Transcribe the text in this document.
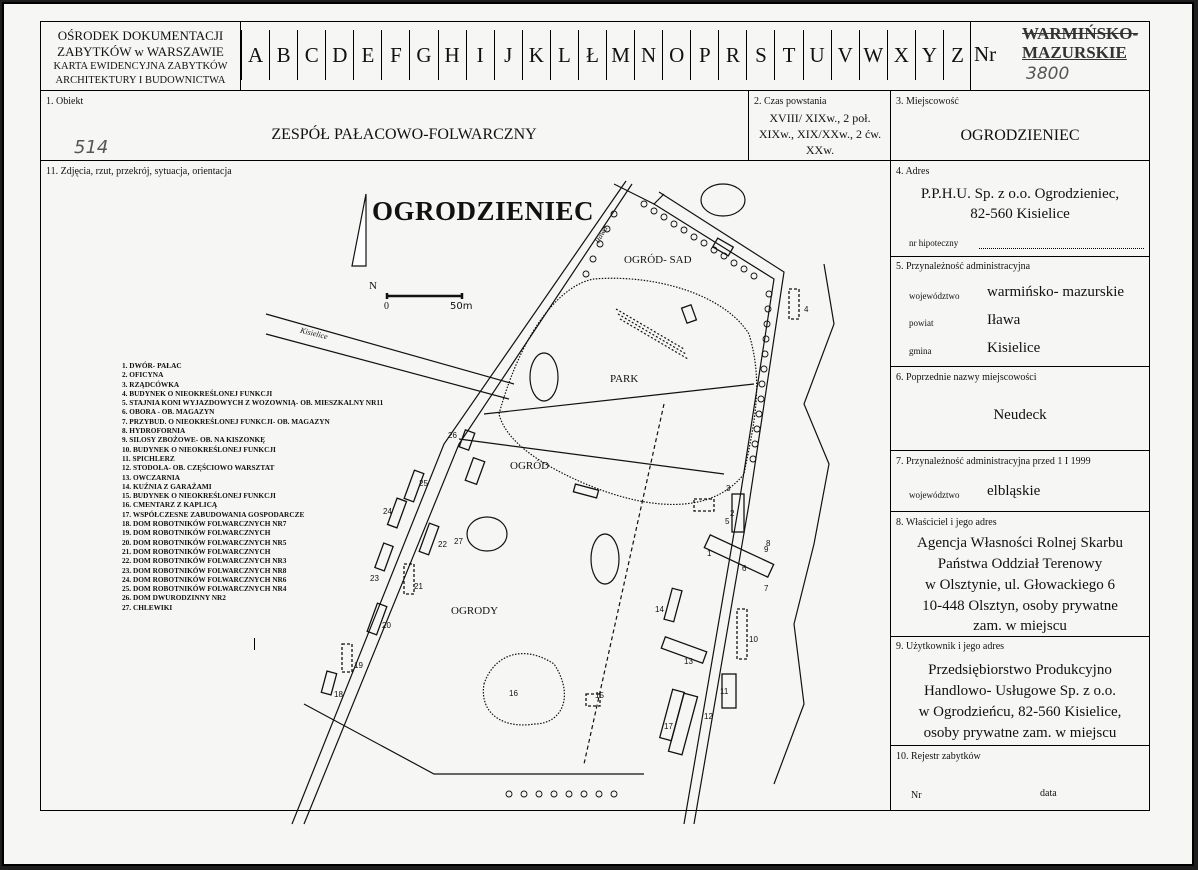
OŚRODEK DOKUMENTACJI
ZABYTKÓW w WARSZAWIE
KARTA EWIDENCYJNA ZABYTKÓW
ARCHITEKTURY I BUDOWNICTWA
A B C D E F G H I J K L Ł M N O P R S T U V W X Y Z Nr
WARMIŃSKO-
MAZURSKIE
3800
1. Obiekt
514
ZESPÓŁ PAŁACOWO-FOLWARCZNY
2. Czas powstania
XVIII/ XIXw., 2 poł.
XIXw., XIX/XXw., 2 ćw.
XXw.
3. Miejscowość
OGRODZIENIEC
11. Zdjęcia, rzut, przekrój, sytuacja, orientacja	4. Adres
P.P.H.U. Sp. z o.o. Ogrodzieniec,
82-560 Kisielice
nr hipoteczny
5. Przynależność administracyjna
województwo warmińsko- mazurskie
powiat	Iława
gmina	Kisielice
6. Poprzednie nazwy miejscowości
Neudeck
7. Przynależność administracyjna przed 1 I 1999
województwo elbląskie
8. Właściciel i jego adres
Agencja Własności Rolnej Skarbu
Państwa Oddział Terenowy
w Olsztynie, ul. Głowackiego 6
10-448 Olsztyn, osoby prywatne
zam. w miejscu
9. Użytkownik i jego adres
Przedsiębiorstwo Produkcyjno
Handlowo- Usługowe Sp. z o.o.
w Ogrodzieńcu, 82-560 Kisielice,
osoby prywatne zam. w miejscu
10. Rejestr zabytków
Nr	data
OGRODZIENIEC
N
0	50m
Kisielice
Iława
OGRÓD- SAD
PARK
OGRÓD
OGRODY
1
2
3
4
5
6
7
8
9
10
11
12
13
14
15
16
17
18
19
20
21
22
23
24
25
26
27
1. DWÓR- PAŁAC
2. OFICYNA
3. RZĄDCÓWKA
4. BUDYNEK O NIEOKREŚLONEJ FUNKCJI
5. STAJNIA KONI WYJAZDOWYCH Z WOZOWNIĄ- OB. MIESZKALNY NR11
6. OBORA - OB. MAGAZYN
7. PRZYBUD. O NIEOKREŚLONEJ FUNKCJI- OB. MAGAZYN
8. HYDROFORNIA
9. SILOSY ZBOŻOWE- OB. NA KISZONKĘ
10. BUDYNEK O NIEOKREŚLONEJ FUNKCJI
11. SPICHLERZ
12. STODOŁA- OB. CZĘŚCIOWO WARSZTAT
13. OWCZARNIA
14. KUŹNIA Z GARAŻAMI
15. BUDYNEK O NIEOKREŚLONEJ FUNKCJI
16. CMENTARZ Z KAPLICĄ
17. WSPÓŁCZESNE ZABUDOWANIA GOSPODARCZE
18. DOM ROBOTNIKÓW FOLWARCZNYCH NR7
19. DOM ROBOTNIKÓW FOLWARCZNYCH
20. DOM ROBOTNIKÓW FOLWARCZNYCH NR5
21. DOM ROBOTNIKÓW FOLWARCZNYCH
22. DOM ROBOTNIKÓW FOLWARCZNYCH NR3
23. DOM ROBOTNIKÓW FOLWARCZNYCH NR8
24. DOM ROBOTNIKÓW FOLWARCZNYCH NR6
25. DOM ROBOTNIKÓW FOLWARCZNYCH NR4
26. DOM DWURODZINNY NR2
27. CHLEWIKI
